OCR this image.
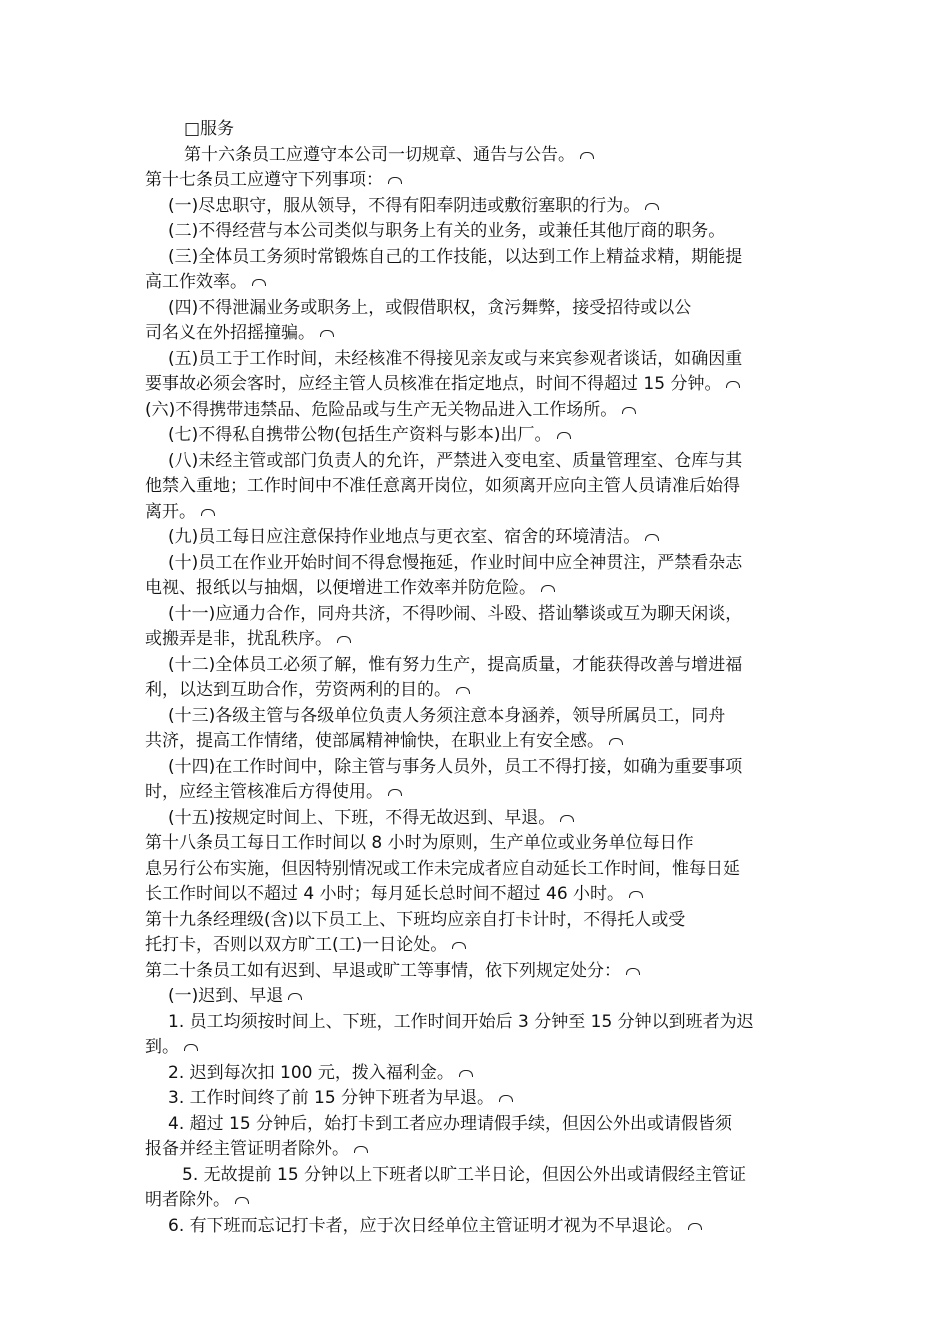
□服务
第十六条员工应遵守本公司一切规章、通告与公告。
第十七条员工应遵守下列事项：
(一)尽忠职守，服从领导，不得有阳奉阴违或敷衍塞职的行为。
(二)不得经营与本公司类似与职务上有关的业务，或兼任其他厅商的职务。
(三)全体员工务须时常锻炼自己的工作技能，以达到工作上精益求精，期能提
高工作效率。
(四)不得泄漏业务或职务上，或假借职权，贪污舞弊，接受招待或以公
司名义在外招摇撞骗。
(五)员工于工作时间，未经核准不得接见亲友或与来宾参观者谈话，如确因重
要事故必须会客时，应经主管人员核准在指定地点，时间不得超过 15 分钟。
(六)不得携带违禁品、危险品或与生产无关物品进入工作场所。
(七)不得私自携带公物(包括生产资料与影本)出厂。
(八)未经主管或部门负责人的允许，严禁进入变电室、质量管理室、仓库与其
他禁入重地；工作时间中不准任意离开岗位，如须离开应向主管人员请准后始得
离开。
(九)员工每日应注意保持作业地点与更衣室、宿舍的环境清洁。
(十)员工在作业开始时间不得怠慢拖延，作业时间中应全神贯注，严禁看杂志
电视、报纸以与抽烟，以便增进工作效率并防危险。
(十一)应通力合作，同舟共济，不得吵闹、斗殴、搭讪攀谈或互为聊天闲谈，
或搬弄是非，扰乱秩序。
(十二)全体员工必须了解，惟有努力生产，提高质量，才能获得改善与增进福
利，以达到互助合作，劳资两利的目的。
(十三)各级主管与各级单位负责人务须注意本身涵养，领导所属员工，同舟
共济，提高工作情绪，使部属精神愉快，在职业上有安全感。
(十四)在工作时间中，除主管与事务人员外，员工不得打接，如确为重要事项
时，应经主管核准后方得使用。
(十五)按规定时间上、下班，不得无故迟到、早退。
第十八条员工每日工作时间以 8 小时为原则，生产单位或业务单位每日作
息另行公布实施，但因特别情况或工作未完成者应自动延长工作时间，惟每日延
长工作时间以不超过 4 小时；每月延长总时间不超过 46 小时。
第十九条经理级(含)以下员工上、下班均应亲自打卡计时，不得托人或受
托打卡，否则以双方旷工(工)一日论处。
第二十条员工如有迟到、早退或旷工等事情，依下列规定处分：
(一)迟到、早退
1. 员工均须按时间上、下班，工作时间开始后 3 分钟至 15 分钟以到班者为迟
到。
2. 迟到每次扣 100 元，拨入福利金。
3. 工作时间终了前 15 分钟下班者为早退。
4. 超过 15 分钟后，始打卡到工者应办理请假手续，但因公外出或请假皆须
报备并经主管证明者除外。
5. 无故提前 15 分钟以上下班者以旷工半日论，但因公外出或请假经主管证
明者除外。
6. 有下班而忘记打卡者，应于次日经单位主管证明才视为不早退论。
